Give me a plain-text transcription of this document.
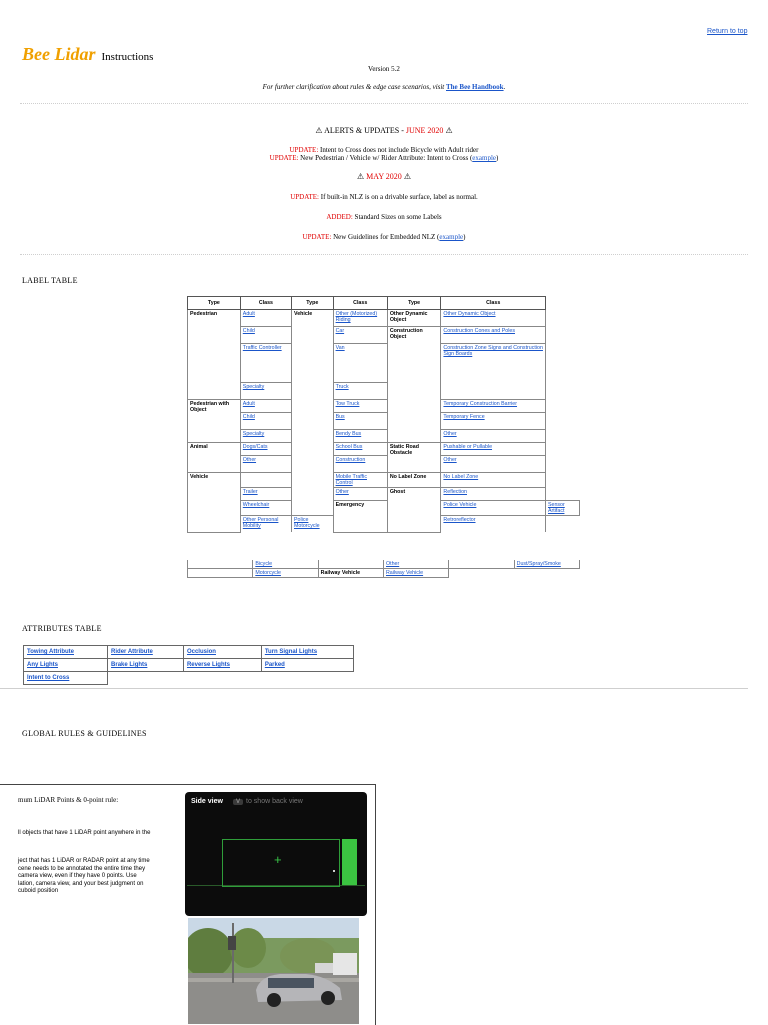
Return to top
Bee Lidar Instructions
Version 5.2
For further clarification about rules & edge case scenarios, visit The Bee Handbook.
⚠ ALERTS & UPDATES - JUNE 2020 ⚠
UPDATE: Intent to Cross does not include Bicycle with Adult rider
UPDATE: New Pedestrian / Vehicle w/ Rider Attribute: Intent to Cross (example)
⚠ MAY 2020 ⚠
UPDATE: If built-in NLZ is on a drivable surface, label as normal.
ADDED: Standard Sizes on some Labels
UPDATE: New Guidelines for Embedded NLZ (example)
LABEL TABLE
Type	Class	Type	Class	Type	Class	
Pedestrian	Adult	Vehicle	Other (Motorized) Riding	Other Dynamic Object	Other Dynamic Object	
	Child		Car	Construction Object	Construction Cones and Poles	
	Traffic Controller		Van		Construction Zone Signs and Construction Sign Boards	
	Specialty		Truck			
Pedestrian with Object	Adult		Tow Truck		Temporary Construction Barrier	
	Child		Bus		Temporary Fence	
	Specialty		Bendy Bus		Other	
Animal	Dogs/Cats		School Bus	Static Road Obstacle	Pushable or Pullable	
	Other		Construction		Other	
Vehicle			Mobile Traffic Control	No Label Zone	No Label Zone	
	Trailer		Other	Ghost	Reflection	
	Wheelchair		Emergency		Police Vehicle	Sensor Artifact
	Other Personal Mobility	Police Motorcycle			Retroreflector	
	Bicycle		Other		Dust/Spray/Smoke
	Motorcycle	Railway Vehicle	Railway Vehicle		
ATTRIBUTES TABLE
Towing Attribute	Rider Attribute	Occlusion	Turn Signal Lights
Any Lights	Brake Lights	Reverse Lights	Parked
Intent to Cross			
GLOBAL RULES & GUIDELINES
mum LiDAR Points & 0-point rule:
ll objects that have 1 LiDAR point anywhere in the
ject that has 1 LiDAR or RADAR point at any time
cene needs to be annotated the entire time they
camera view, even if they have 0 points. Use
lation, camera view, and your best judgment on
cuboid position
Side view	V to show back view
+
